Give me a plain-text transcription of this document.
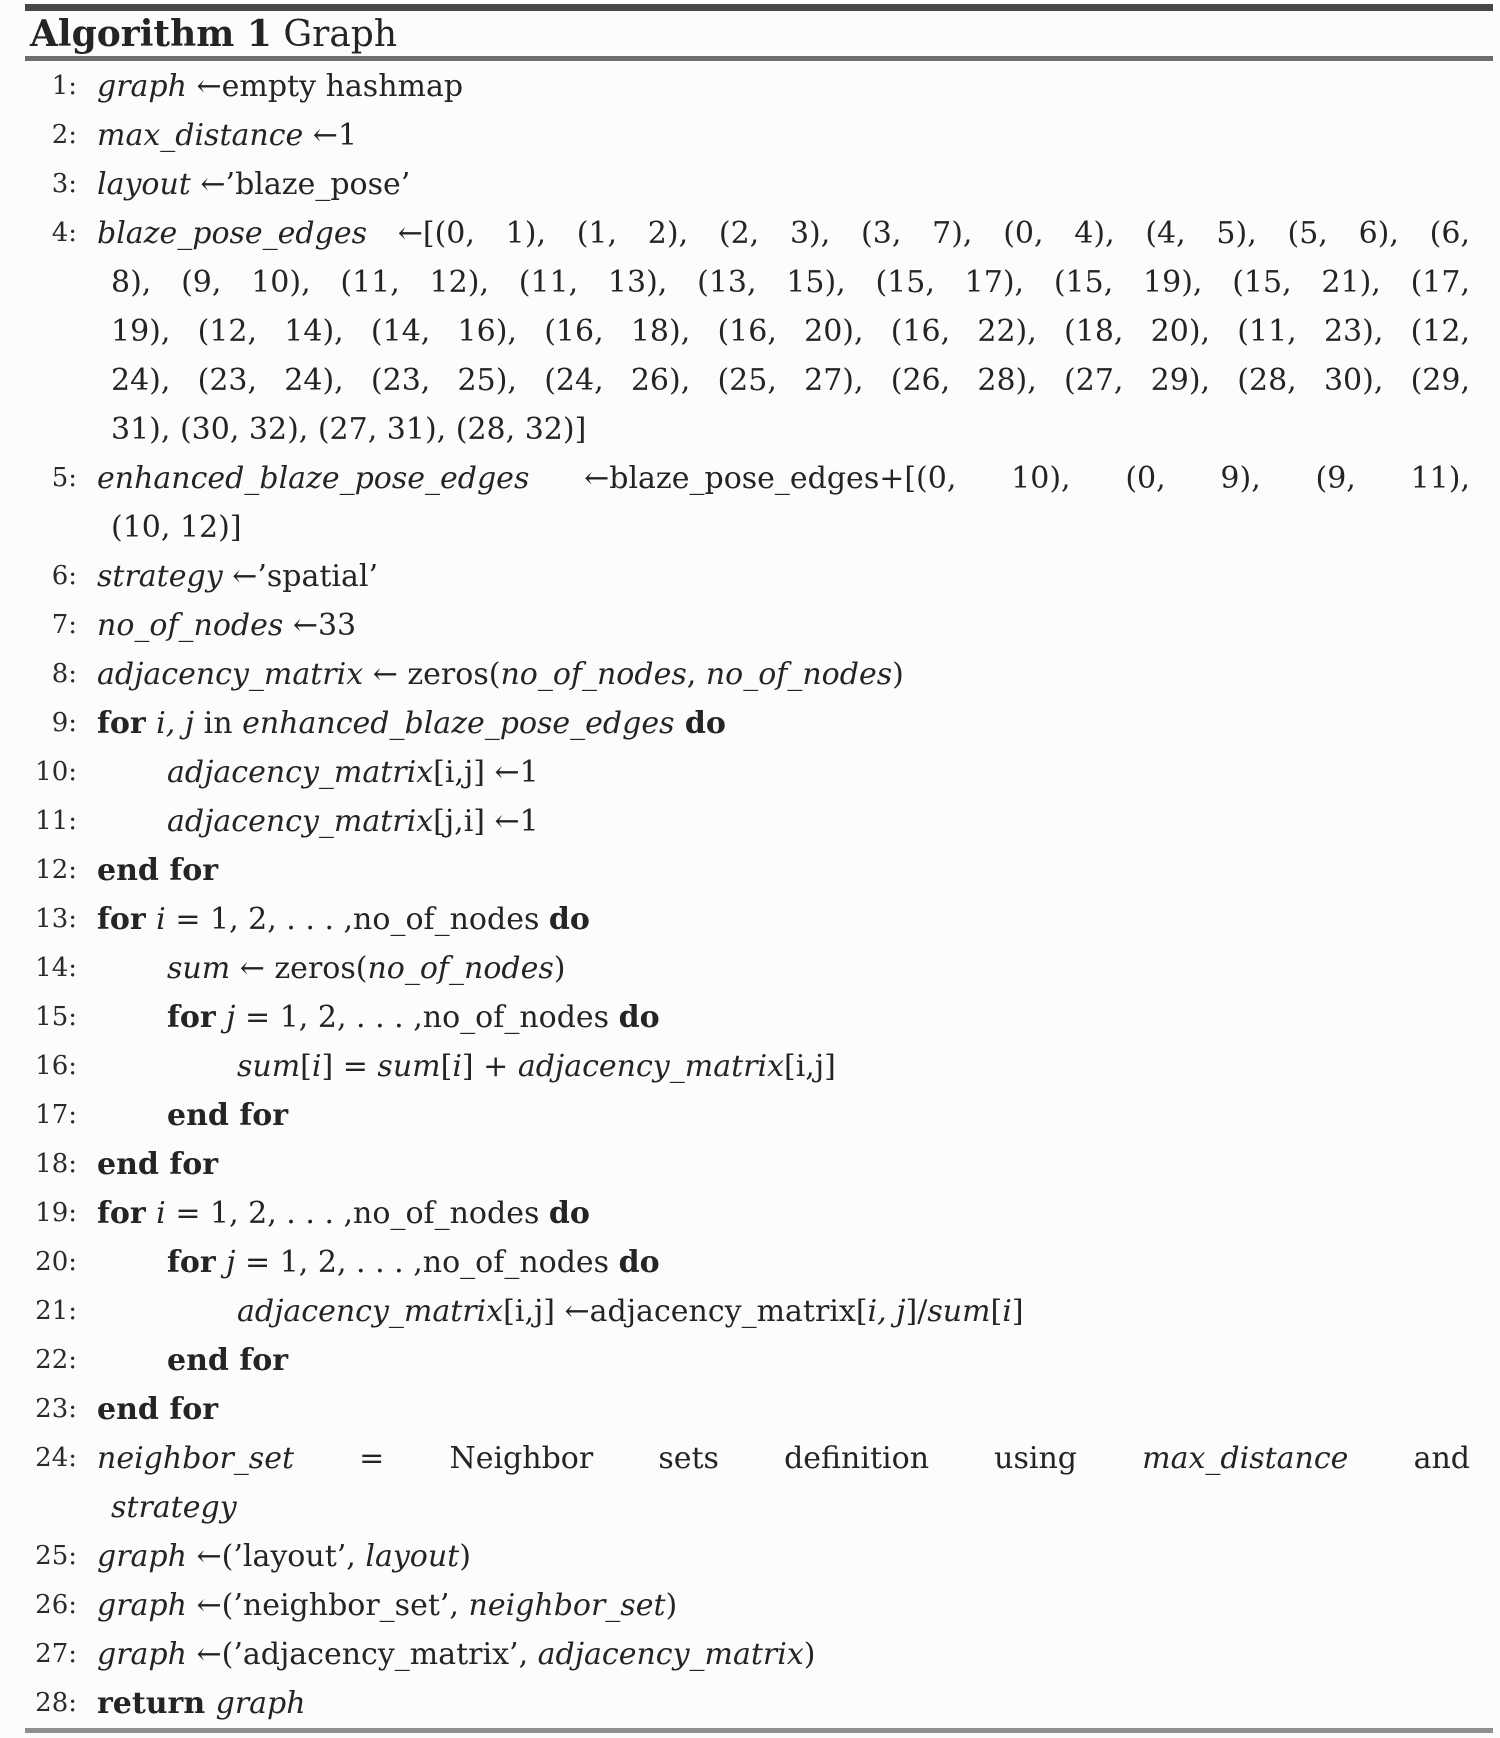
Algorithm 1 Graph
1: graph ←empty hashmap
2: max_distance ←1
3: layout ←’blaze_pose’
4: blaze_pose_edges ←[(0, 1), (1, 2), (2, 3), (3, 7), (0, 4), (4, 5), (5, 6), (6,
8), (9, 10), (11, 12), (11, 13), (13, 15), (15, 17), (15, 19), (15, 21), (17,
19), (12, 14), (14, 16), (16, 18), (16, 20), (16, 22), (18, 20), (11, 23), (12,
24), (23, 24), (23, 25), (24, 26), (25, 27), (26, 28), (27, 29), (28, 30), (29,
31), (30, 32), (27, 31), (28, 32)]
5: enhanced_blaze_pose_edges ←blaze_pose_edges+[(0, 10), (0, 9), (9, 11),
(10, 12)]
6: strategy ←’spatial’
7: no_of_nodes ←33
8: adjacency_matrix ← zeros(no_of_nodes, no_of_nodes)
9: for i, j in enhanced_blaze_pose_edges do
10:	adjacency_matrix[i,j] ←1
11:	adjacency_matrix[j,i] ←1
12: end for
13: for i = 1, 2, . . . ,no_of_nodes do
14:	sum ← zeros(no_of_nodes)
15:	for j = 1, 2, . . . ,no_of_nodes do
16:	sum[i] = sum[i] + adjacency_matrix[i,j]
17:	end for
18: end for
19: for i = 1, 2, . . . ,no_of_nodes do
20:	for j = 1, 2, . . . ,no_of_nodes do
21:	adjacency_matrix[i,j] ←adjacency_matrix[i, j]/sum[i]
22:	end for
23: end for
24: neighbor_set = Neighbor sets definition using max_distance and
strategy
25: graph ←(’layout’, layout)
26: graph ←(’neighbor_set’, neighbor_set)
27: graph ←(’adjacency_matrix’, adjacency_matrix)
28: return graph
